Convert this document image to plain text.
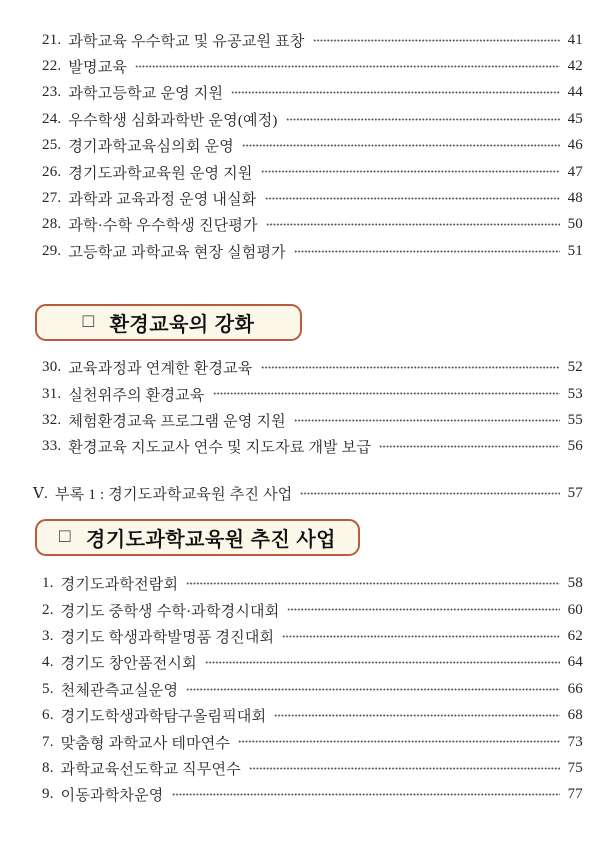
21. 과학교육 우수학교 및 유공교원 표창	41
22. 발명교육	42
23. 과학고등학교 운영 지원	44
24. 우수학생 심화과학반 운영(예정)	45
25. 경기과학교육심의회 운영	46
26. 경기도과학교육원 운영 지원	47
27. 과학과 교육과정 운영 내실화	48
28. 과학·수학 우수학생 진단평가	50
29. 고등학교 과학교육 현장 실험평가	51
□ 환경교육의 강화
30. 교육과정과 연계한 환경교육	52
31. 실천위주의 환경교육	53
32. 체험환경교육 프로그램 운영 지원	55
33. 환경교육 지도교사 연수 및 지도자료 개발 보급	56
Ⅴ. 부록 1 : 경기도과학교육원 추진 사업	57
□ 경기도과학교육원 추진 사업
1. 경기도과학전람회	58
2. 경기도 중학생 수학·과학경시대회	60
3. 경기도 학생과학발명품 경진대회	62
4. 경기도 창안품전시회	64
5. 천체관측교실운영	66
6. 경기도학생과학탐구올림픽대회	68
7. 맞춤형 과학교사 테마연수	73
8. 과학교육선도학교 직무연수	75
9. 이동과학차운영	77
